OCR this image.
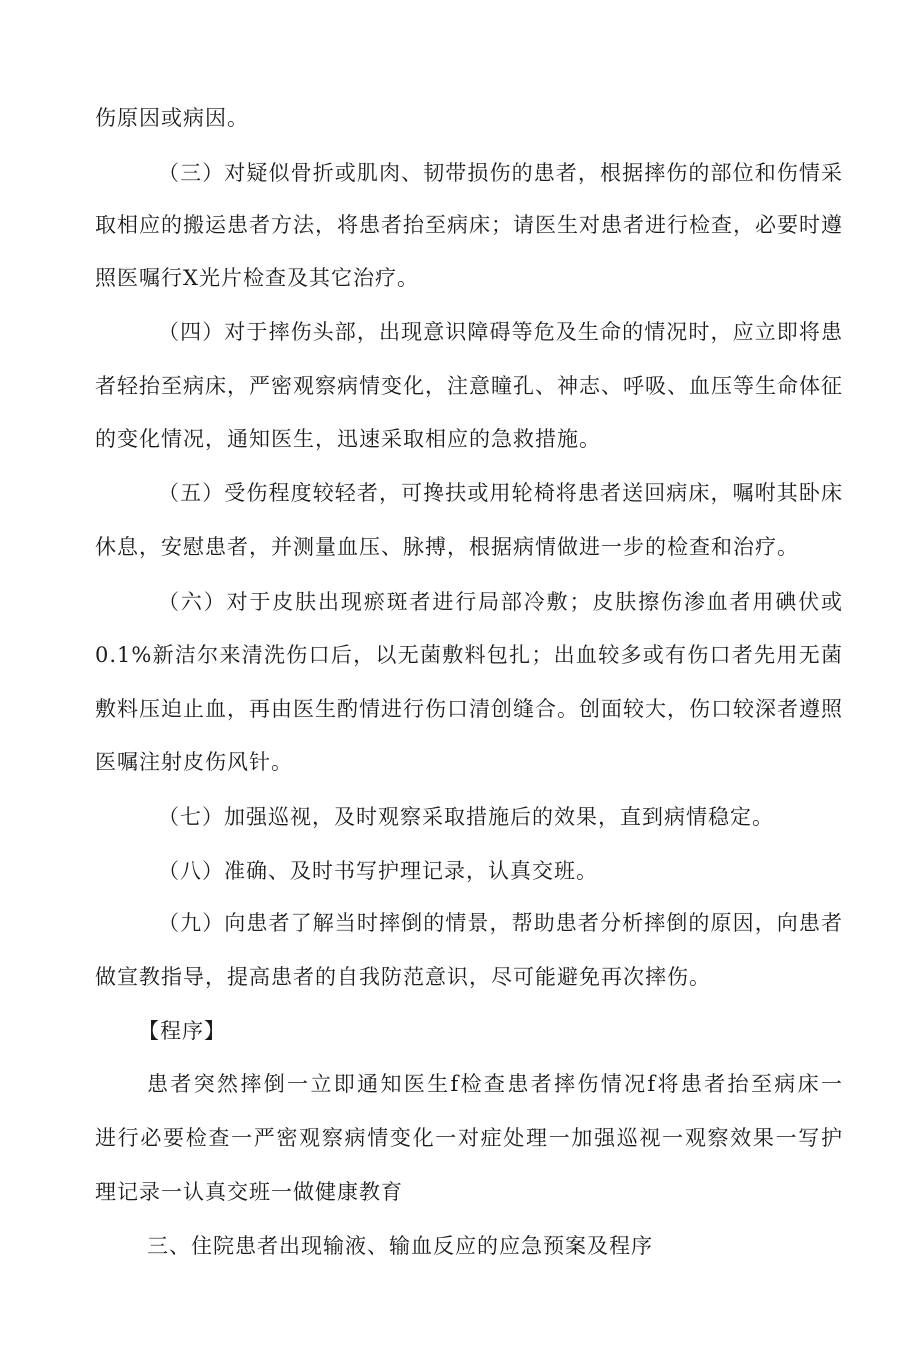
伤原因或病因。
（三）对疑似骨折或肌肉、韧带损伤的患者，根据摔伤的部位和伤情采
取相应的搬运患者方法，将患者抬至病床；请医生对患者进行检查，必要时遵
照医嘱行X光片检查及其它治疗。
（四）对于摔伤头部，出现意识障碍等危及生命的情况时，应立即将患
者轻抬至病床，严密观察病情变化，注意瞳孔、神志、呼吸、血压等生命体征
的变化情况，通知医生，迅速采取相应的急救措施。
（五）受伤程度较轻者，可搀扶或用轮椅将患者送回病床，嘱咐其卧床
休息，安慰患者，并测量血压、脉搏，根据病情做进一步的检查和治疗。
（六）对于皮肤出现瘀斑者进行局部冷敷；皮肤擦伤渗血者用碘伏或
0.1%新洁尔来清洗伤口后，以无菌敷料包扎；出血较多或有伤口者先用无菌
敷料压迫止血，再由医生酌情进行伤口清创缝合。创面较大，伤口较深者遵照
医嘱注射皮伤风针。
（七）加强巡视，及时观察采取措施后的效果，直到病情稳定。
（八）准确、及时书写护理记录，认真交班。
（九）向患者了解当时摔倒的情景，帮助患者分析摔倒的原因，向患者
做宣教指导，提高患者的自我防范意识，尽可能避免再次摔伤。
【程序】
患者突然摔倒一立即通知医生f检查患者摔伤情况f将患者抬至病床一
进行必要检查一严密观察病情变化一对症处理一加强巡视一观察效果一写护
理记录一认真交班一做健康教育
三、住院患者出现输液、输血反应的应急预案及程序
